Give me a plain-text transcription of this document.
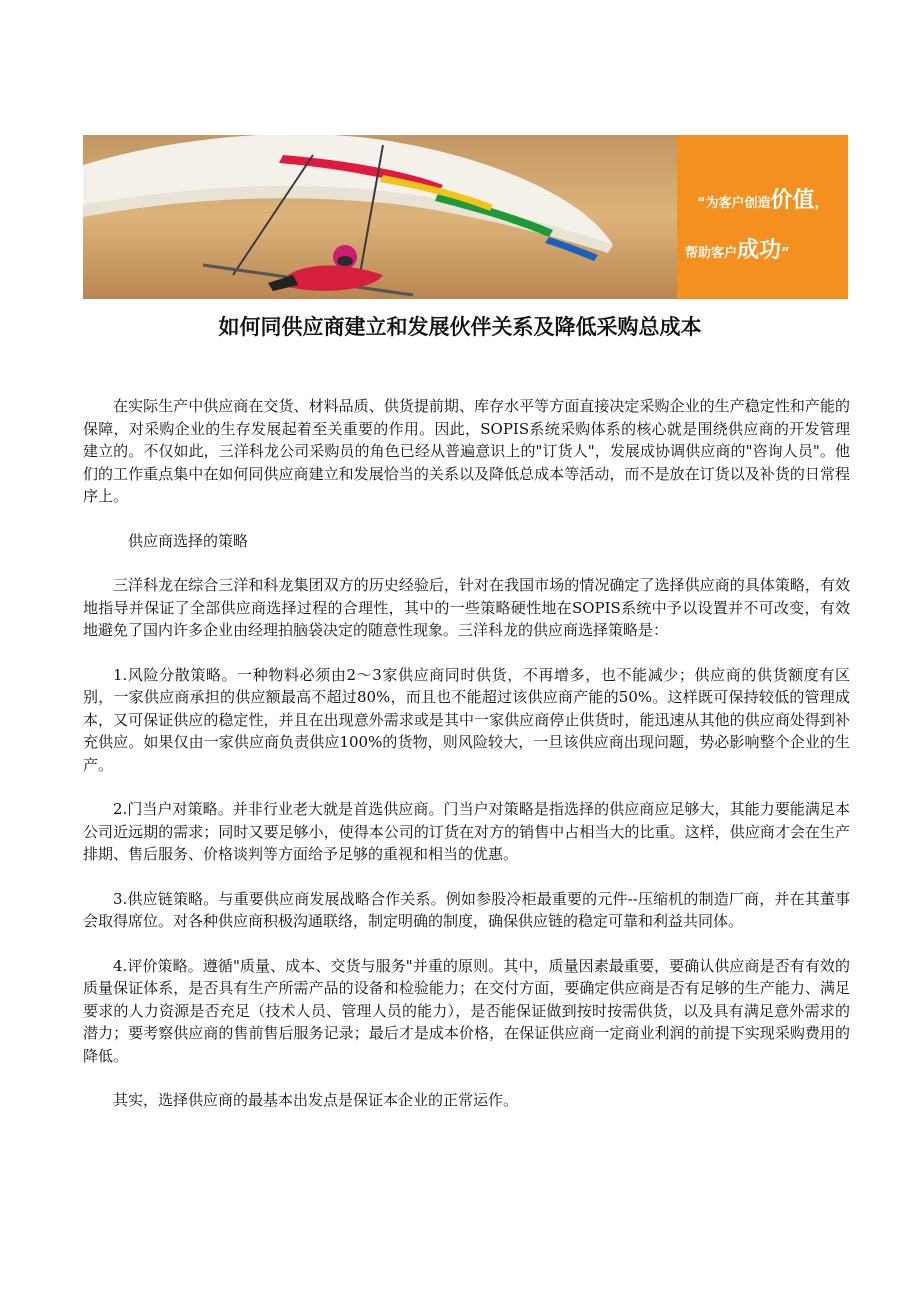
“为客户创造价值，
帮助客户成功”
如何同供应商建立和发展伙伴关系及降低采购总成本

在实际生产中供应商在交货、材料品质、供货提前期、库存水平等方面直接决定采购企业的生产稳定性和产能的保障，对采购企业的生存发展起着至关重要的作用。因此，SOPIS系统采购体系的核心就是围绕供应商的开发管理建立的。不仅如此，三洋科龙公司采购员的角色已经从普遍意识上的"订货人"，发展成协调供应商的"咨询人员"。他们的工作重点集中在如何同供应商建立和发展恰当的关系以及降低总成本等活动，而不是放在订货以及补货的日常程序上。

供应商选择的策略

三洋科龙在综合三洋和科龙集团双方的历史经验后，针对在我国市场的情况确定了选择供应商的具体策略，有效地指导并保证了全部供应商选择过程的合理性，其中的一些策略硬性地在SOPIS系统中予以设置并不可改变，有效地避免了国内许多企业由经理拍脑袋决定的随意性现象。三洋科龙的供应商选择策略是：

1.风险分散策略。一种物料必须由2～3家供应商同时供货，不再增多，也不能减少；供应商的供货额度有区别，一家供应商承担的供应额最高不超过80%，而且也不能超过该供应商产能的50%。这样既可保持较低的管理成本，又可保证供应的稳定性，并且在出现意外需求或是其中一家供应商停止供货时，能迅速从其他的供应商处得到补充供应。如果仅由一家供应商负责供应100%的货物，则风险较大，一旦该供应商出现问题，势必影响整个企业的生产。

2.门当户对策略。并非行业老大就是首选供应商。门当户对策略是指选择的供应商应足够大，其能力要能满足本公司近远期的需求；同时又要足够小，使得本公司的订货在对方的销售中占相当大的比重。这样，供应商才会在生产排期、售后服务、价格谈判等方面给予足够的重视和相当的优惠。

3.供应链策略。与重要供应商发展战略合作关系。例如参股冷柜最重要的元件--压缩机的制造厂商，并在其董事会取得席位。对各种供应商积极沟通联络，制定明确的制度，确保供应链的稳定可靠和利益共同体。

4.评价策略。遵循"质量、成本、交货与服务"并重的原则。其中，质量因素最重要，要确认供应商是否有有效的质量保证体系，是否具有生产所需产品的设备和检验能力；在交付方面，要确定供应商是否有足够的生产能力、满足要求的人力资源是否充足（技术人员、管理人员的能力），是否能保证做到按时按需供货，以及具有满足意外需求的潜力；要考察供应商的售前售后服务记录；最后才是成本价格，在保证供应商一定商业利润的前提下实现采购费用的降低。

其实，选择供应商的最基本出发点是保证本企业的正常运作。
